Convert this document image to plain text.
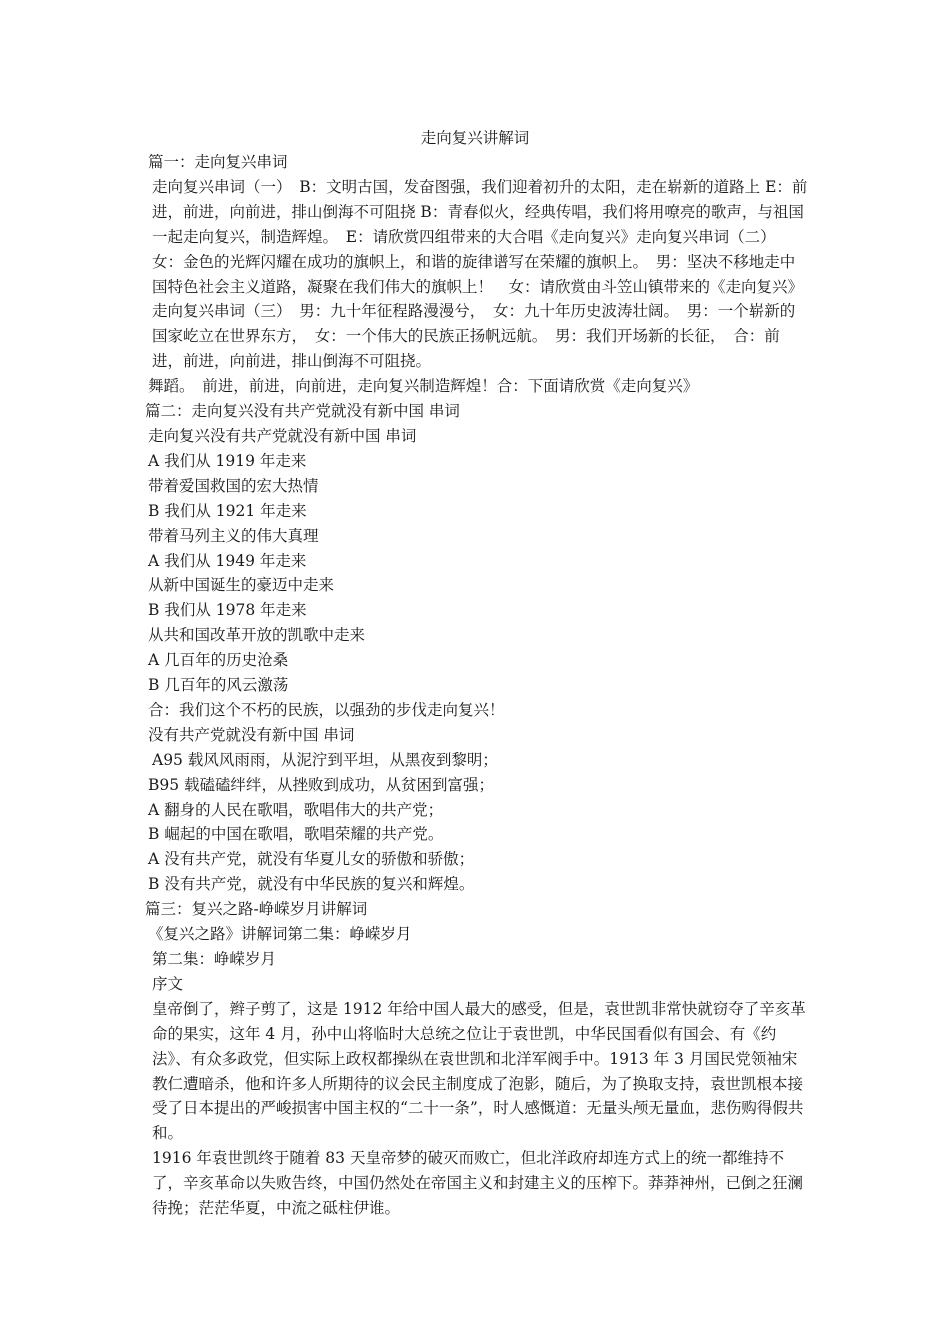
走向复兴讲解词

篇一：走向复兴串词

走向复兴串词（一）　B：文明古国，发奋图强，我们迎着初升的太阳，走在崭新的道路上 E：前进，前进，向前进，排山倒海不可阻挠 B：青春似火，经典传唱，我们将用嘹亮的歌声，与祖国一起走向复兴，制造辉煌。　E：请欣赏四组带来的大合唱《走向复兴》走向复兴串词（二）　女：金色的光辉闪耀在成功的旗帜上，和谐的旋律谱写在荣耀的旗帜上。　男：坚决不移地走中国特色社会主义道路，凝聚在我们伟大的旗帜上！　女：请欣赏由斗笠山镇带来的《走向复兴》　走向复兴串词（三）　男：九十年征程路漫漫兮，　女：九十年历史波涛壮阔。　男：一个崭新的国家屹立在世界东方，　女：一个伟大的民族正扬帆远航。　男：我们开场新的长征，　合：前进，前进，向前进，排山倒海不可阻挠。

舞蹈。　前进，前进，向前进，走向复兴制造辉煌！合：下面请欣赏《走向复兴》

篇二：走向复兴没有共产党就没有新中国 串词

走向复兴没有共产党就没有新中国 串词

A 我们从 1919 年走来

带着爱国救国的宏大热情

B 我们从 1921 年走来

带着马列主义的伟大真理

A 我们从 1949 年走来

从新中国诞生的豪迈中走来

B 我们从 1978 年走来

从共和国改革开放的凯歌中走来

A 几百年的历史沧桑

B 几百年的风云激荡

合：我们这个不朽的民族，以强劲的步伐走向复兴！

没有共产党就没有新中国 串词

A95 载风风雨雨，从泥泞到平坦，从黑夜到黎明；

B95 载磕磕绊绊，从挫败到成功，从贫困到富强；

A 翻身的人民在歌唱，歌唱伟大的共产党；

B 崛起的中国在歌唱，歌唱荣耀的共产党。

A 没有共产党，就没有华夏儿女的骄傲和骄傲；

B 没有共产党，就没有中华民族的复兴和辉煌。

篇三：复兴之路-峥嵘岁月讲解词

《复兴之路》讲解词第二集：峥嵘岁月

第二集：峥嵘岁月

序文

皇帝倒了，辫子剪了，这是 1912 年给中国人最大的感受，但是，袁世凯非常快就窃夺了辛亥革命的果实，这年 4 月，孙中山将临时大总统之位让于袁世凯，中华民国看似有国会、有《约法》、有众多政党，但实际上政权都操纵在袁世凯和北洋军阀手中。1913 年 3 月国民党领袖宋教仁遭暗杀，他和许多人所期待的议会民主制度成了泡影，随后，为了换取支持，袁世凯根本接受了日本提出的严峻损害中国主权的“二十一条”，时人感慨道：无量头颅无量血，悲伤购得假共和。

1916 年袁世凯终于随着 83 天皇帝梦的破灭而败亡，但北洋政府却连方式上的统一都维持不了，辛亥革命以失败告终，中国仍然处在帝国主义和封建主义的压榨下。莽莽神州，已倒之狂澜待挽；茫茫华夏，中流之砥柱伊谁。
